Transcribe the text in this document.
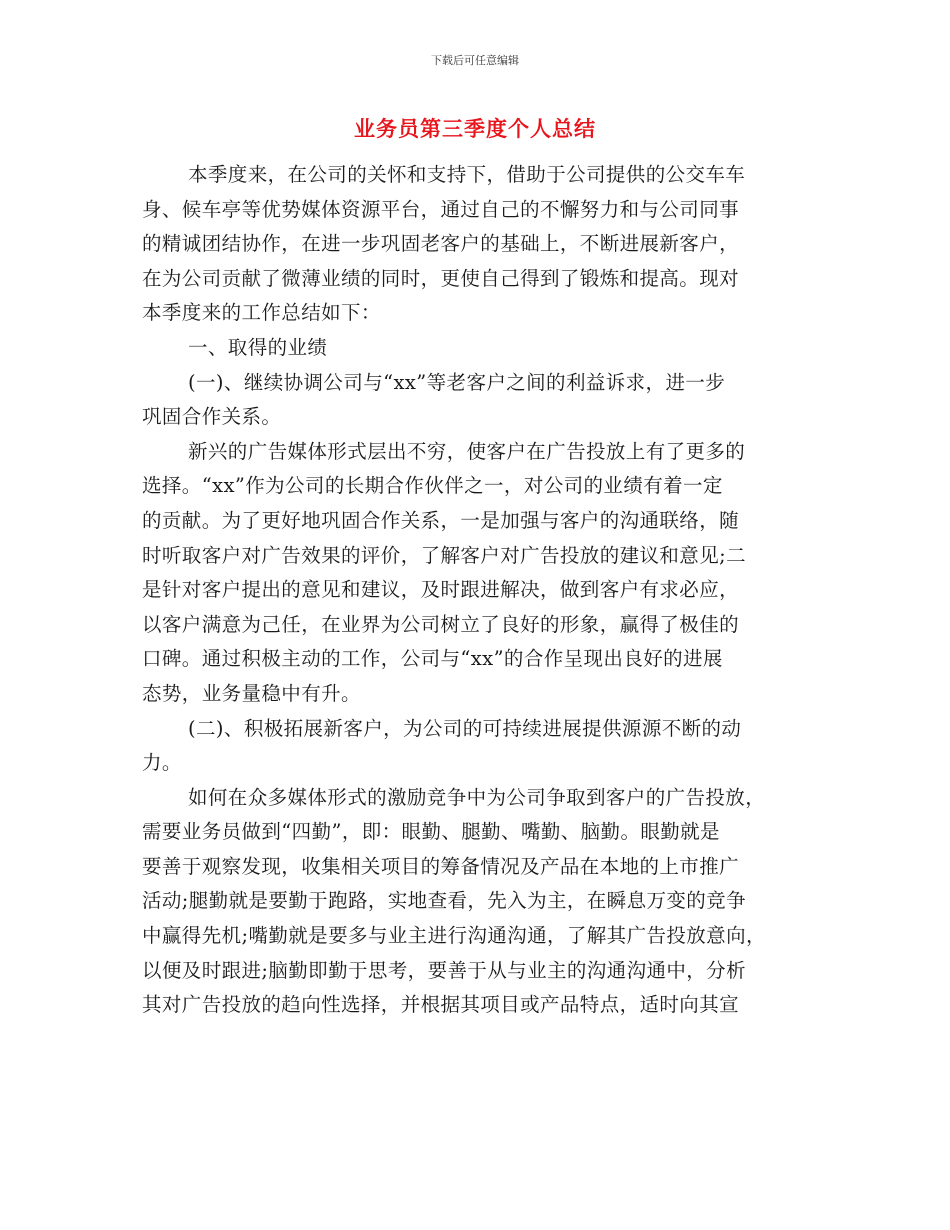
下载后可任意编辑
业务员第三季度个人总结
本季度来，在公司的关怀和支持下，借助于公司提供的公交车车
身、候车亭等优势媒体资源平台，通过自己的不懈努力和与公司同事
的精诚团结协作，在进一步巩固老客户的基础上，不断进展新客户，
在为公司贡献了微薄业绩的同时，更使自己得到了锻炼和提高。现对
本季度来的工作总结如下：
一、取得的业绩
(一)、继续协调公司与“xx”等老客户之间的利益诉求，进一步
巩固合作关系。
新兴的广告媒体形式层出不穷，使客户在广告投放上有了更多的
选择。“xx”作为公司的长期合作伙伴之一，对公司的业绩有着一定
的贡献。为了更好地巩固合作关系，一是加强与客户的沟通联络，随
时听取客户对广告效果的评价，了解客户对广告投放的建议和意见;二
是针对客户提出的意见和建议，及时跟进解决，做到客户有求必应，
以客户满意为己任，在业界为公司树立了良好的形象，赢得了极佳的
口碑。通过积极主动的工作，公司与“xx”的合作呈现出良好的进展
态势，业务量稳中有升。
(二)、积极拓展新客户，为公司的可持续进展提供源源不断的动
力。
如何在众多媒体形式的激励竞争中为公司争取到客户的广告投放，
需要业务员做到“四勤”，即：眼勤、腿勤、嘴勤、脑勤。眼勤就是
要善于观察发现，收集相关项目的筹备情况及产品在本地的上市推广
活动;腿勤就是要勤于跑路，实地查看，先入为主，在瞬息万变的竞争
中赢得先机;嘴勤就是要多与业主进行沟通沟通，了解其广告投放意向，
以便及时跟进;脑勤即勤于思考，要善于从与业主的沟通沟通中，分析
其对广告投放的趋向性选择，并根据其项目或产品特点，适时向其宣
